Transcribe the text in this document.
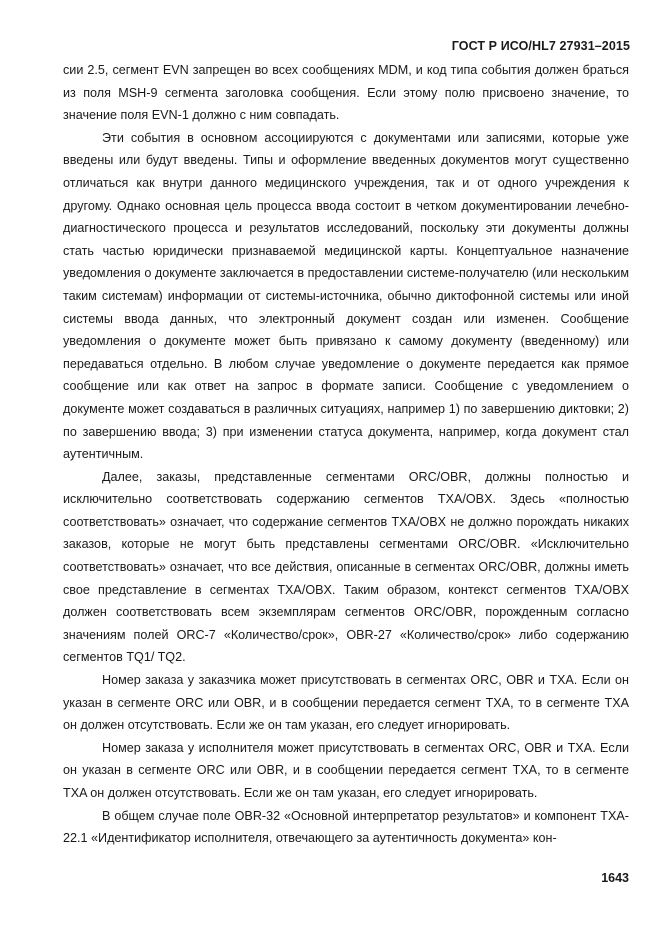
ГОСТ Р ИСО/HL7 27931–2015

сии 2.5, сегмент EVN запрещен во всех сообщениях MDM, и код типа события должен браться из поля MSH-9 сегмента заголовка сообщения. Если этому полю присвоено значение, то значение поля EVN-1 должно с ним совпадать.

Эти события в основном ассоциируются с документами или записями, которые уже введены или будут введены. Типы и оформление введенных документов могут существенно отличаться как внутри данного медицинского учреждения, так и от одного учреждения к другому. Однако основная цель процесса ввода состоит в четком документировании лечебно-диагностического процесса и результатов исследований, поскольку эти документы должны стать частью юридически признаваемой медицинской карты. Концептуальное назначение уведомления о документе заключается в предоставлении системе-получателю (или нескольким таким системам) информации от системы-источника, обычно диктофонной системы или иной системы ввода данных, что электронный документ создан или изменен. Сообщение уведомления о документе может быть привязано к самому документу (введенному) или передаваться отдельно. В любом случае уведомление о документе передается как прямое сообщение или как ответ на запрос в формате записи. Сообщение с уведомлением о документе может создаваться в различных ситуациях, например 1) по завершению диктовки; 2) по завершению ввода; 3) при изменении статуса документа, например, когда документ стал аутентичным.

Далее, заказы, представленные сегментами ORC/OBR, должны полностью и исключительно соответствовать содержанию сегментов TXA/OBX. Здесь «полностью соответствовать» означает, что содержание сегментов TXA/OBX не должно порождать никаких заказов, которые не могут быть представлены сегментами ORC/OBR. «Исключительно соответствовать» означает, что все действия, описанные в сегментах ORC/OBR, должны иметь свое представление в сегментах TXA/OBX. Таким образом, контекст сегментов TXA/OBX должен соответствовать всем экземплярам сегментов ORC/OBR, порожденным согласно значениям полей ORC-7 «Количество/срок», OBR-27 «Количество/срок» либо содержанию сегментов TQ1/ TQ2.

Номер заказа у заказчика может присутствовать в сегментах ORC, OBR и TXA. Если он указан в сегменте ORC или OBR, и в сообщении передается сегмент TXA, то в сегменте TXA он должен отсутствовать. Если же он там указан, его следует игнорировать.

Номер заказа у исполнителя может присутствовать в сегментах ORC, OBR и TXA. Если он указан в сегменте ORC или OBR, и в сообщении передается сегмент TXA, то в сегменте TXA он должен отсутствовать. Если же он там указан, его следует игнорировать.

В общем случае поле OBR-32 «Основной интерпретатор результатов» и компонент TXA-22.1 «Идентификатор исполнителя, отвечающего за аутентичность документа» кон-

1643
